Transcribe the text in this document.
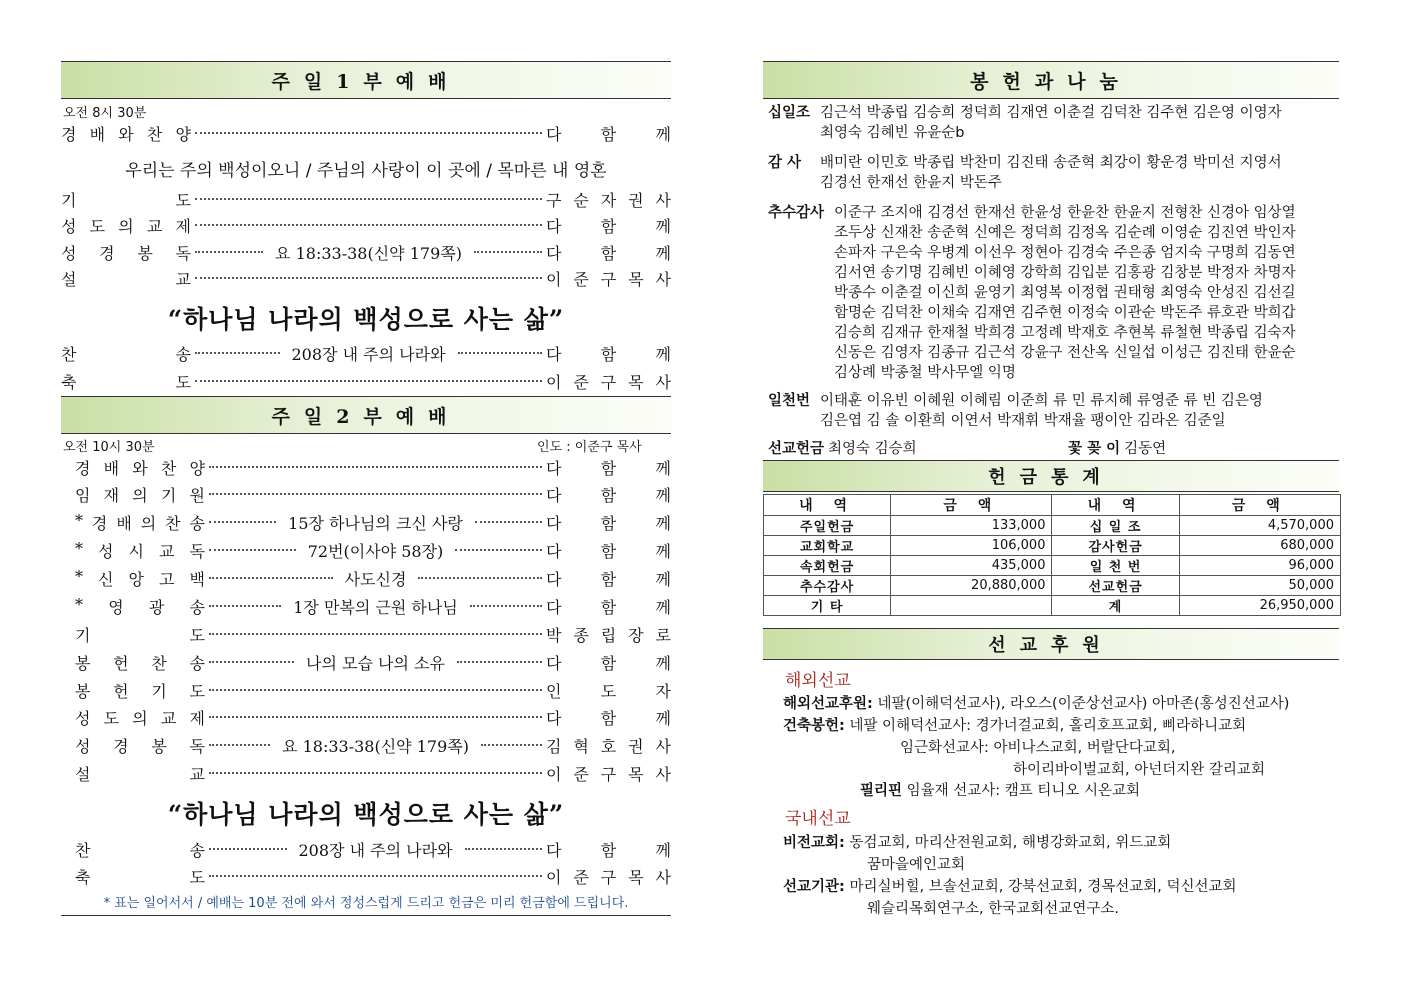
주일1부예배
오전 8시 30분
경 배 와 찬 양	다 함 께
기	도	구 순 자 권 사
성 도 의 교 제	다 함 께
성 경 봉 독	요 18:33-38(신약 179쪽)	다 함 께
설	교	이 준 구 목 사
찬	송	208장 내 주의 나라와	다 함 께
축	도	이 준 구 목 사
우리는 주의 백성이오니 / 주님의 사랑이 이 곳에 / 목마른 내 영혼
“하나님 나라의 백성으로 사는 삶”
주일2부예배
오전 10시 30분	인도 : 이준구 목사
경 배 와 찬 양	다 함 께
임 재 의 기 원	다 함 께
* 경 배 의 찬 송	15장 하나님의 크신 사랑	다 함 께
* 성 시 교 독	72번(이사야 58장)	다 함 께
* 신 앙 고 백	사도신경	다 함 께
* 영 광 송	1장 만복의 근원 하나님	다 함 께
기	도	박 종 립 장 로
봉 헌 찬 송	나의 모습 나의 소유	다 함 께
봉 헌 기 도	인 도 자
성 도 의 교 제	다 함 께
성 경 봉 독	요 18:33-38(신약 179쪽)	김 혁 호 권 사
설	교	이 준 구 목 사
찬	송	208장 내 주의 나라와	다 함 께
축	도	이 준 구 목 사
“하나님 나라의 백성으로 사는 삶”
* 표는 일어서서 / 예배는 10분 전에 와서 정성스럽게 드리고 헌금은 미리 헌금함에 드립니다.
봉헌과나눔
십일조 김근석 박종립 김승희 정덕희 김재연 이춘걸 김덕찬 김주현 김은영 이영자
최영숙 김혜빈 유윤순b
감 사	배미란 이민호 박종립 박찬미 김진태 송준혁 최강이 황운경 박미선 지영서
김경선 한재선 한윤지 박돈주
추수감사 이준구 조지애 김경선 한재선 한윤성 한윤찬 한윤지 전형찬 신경아 임상열
조두상 신재찬 송준혁 신예은 정덕희 김정옥 김순례 이영순 김진연 박인자
손파자 구은숙 우병계 이선우 정현아 김경숙 주은종 엄지숙 구명희 김동연
김서연 송기명 김혜빈 이혜영 강학희 김입분 김홍광 김창분 박정자 차명자
박종수 이춘걸 이신희 윤영기 최영복 이정협 권태형 최영숙 안성진 김선길
함명순 김덕찬 이채숙 김재연 김주현 이정숙 이관순 박돈주 류호관 박희갑
김승희 김재규 한재철 박희경 고정례 박재호 추현복 류철현 박종립 김숙자
신동은 김영자 김종규 김근석 강윤구 전산옥 신일섭 이성근 김진태 한윤순
김상례 박종철 박사무엘 익명
일천번 이태훈 이유빈 이혜원 이혜림 이준희 류 민 류지혜 류영준 류 빈 김은영
김은엽 김 솔 이환희 이연서 박재휘 박재율 팽이안 김라온 김준일
선교헌금 최영숙 김승희	꽃 꽂 이 김동연
헌금통계
내 역	금 액	내 역	금 액
주일헌금	133,000	십 일 조	4,570,000
교회학교	106,000	감사헌금	680,000
속회헌금	435,000	일 천 번	96,000
추수감사	20,880,000	선교헌금	50,000
기 타		계	26,950,000
선교후원
해외선교
해외선교후원: 네팔(이해덕선교사), 라오스(이준상선교사) 아마존(홍성진선교사)
건축봉헌: 네팔 이해덕선교사: 경가너걸교회, 홀리호프교회, 삐라하니교회
임근화선교사: 아비나스교회, 버랄단다교회,
하이리바이벌교회, 아넌더지완 갈리교회
필리핀 임율재 선교사: 캠프 티니오 시온교회
국내선교
비전교회: 동검교회, 마리산전원교회, 해병강화교회, 위드교회
꿈마을예인교회
선교기관: 마리실버힐, 브솔선교회, 강북선교회, 경목선교회, 덕신선교회
웨슬리목회연구소, 한국교회선교연구소.
